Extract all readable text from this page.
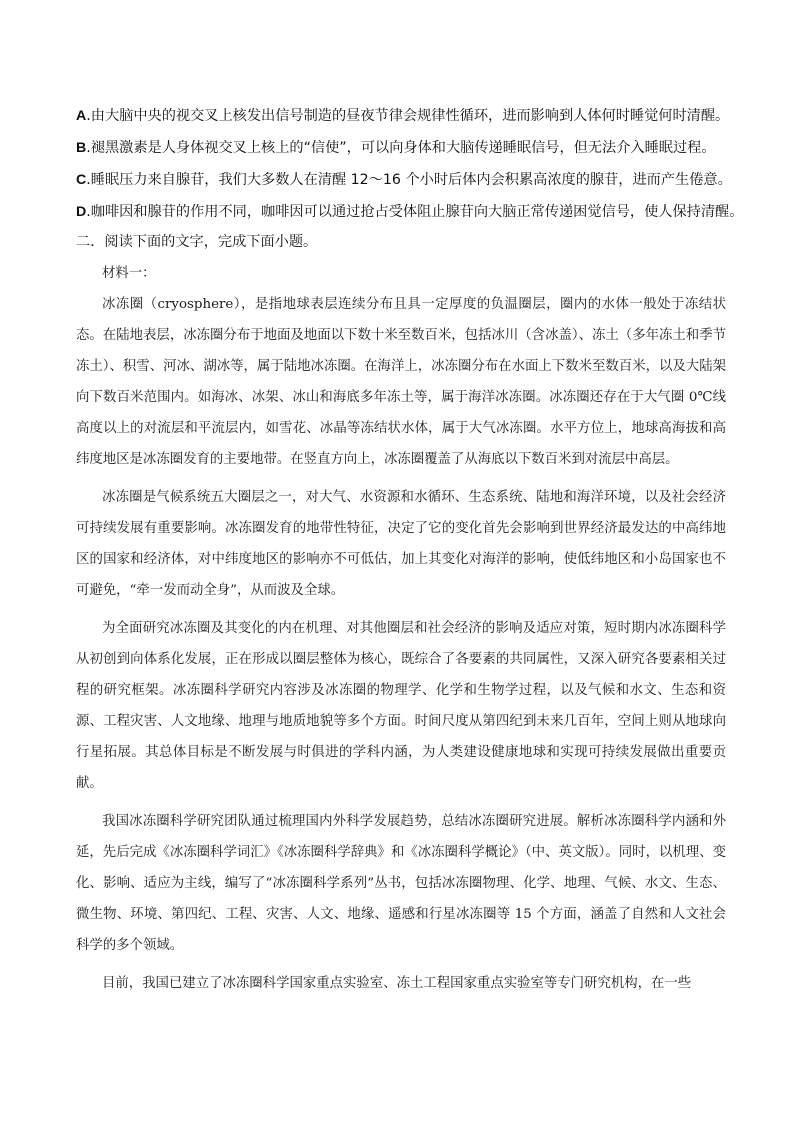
A.由大脑中央的视交叉上核发出信号制造的昼夜节律会规律性循环，进而影响到人体何时睡觉何时清醒。
B.褪黑激素是人身体视交叉上核上的“信使”，可以向身体和大脑传递睡眠信号，但无法介入睡眠过程。
C.睡眠压力来自腺苷，我们大多数人在清醒 12～16 个小时后体内会积累高浓度的腺苷，进而产生倦意。
D.咖啡因和腺苷的作用不同，咖啡因可以通过抢占受体阻止腺苷向大脑正常传递困觉信号，使人保持清醒。
二．阅读下面的文字，完成下面小题。
材料一：

冰冻圈（cryosphere），是指地球表层连续分布且具一定厚度的负温圈层，圈内的水体一般处于冻结状态。在陆地表层，冰冻圈分布于地面及地面以下数十米至数百米，包括冰川（含冰盖）、冻土（多年冻土和季节冻土）、积雪、河冰、湖冰等，属于陆地冰冻圈。在海洋上，冰冻圈分布在水面上下数米至数百米，以及大陆架向下数百米范围内。如海冰、冰架、冰山和海底多年冻土等，属于海洋冰冻圈。冰冻圈还存在于大气圈 0℃线高度以上的对流层和平流层内，如雪花、冰晶等冻结状水体，属于大气冰冻圈。水平方位上，地球高海拔和高纬度地区是冰冻圈发育的主要地带。在竖直方向上，冰冻圈覆盖了从海底以下数百米到对流层中高层。

冰冻圈是气候系统五大圈层之一，对大气、水资源和水循环、生态系统、陆地和海洋环境，以及社会经济可持续发展有重要影响。冰冻圈发育的地带性特征，决定了它的变化首先会影响到世界经济最发达的中高纬地区的国家和经济体，对中纬度地区的影响亦不可低估，加上其变化对海洋的影响，使低纬地区和小岛国家也不可避免，“牵一发而动全身”，从而波及全球。

为全面研究冰冻圈及其变化的内在机理、对其他圈层和社会经济的影响及适应对策，短时期内冰冻圈科学从初创到向体系化发展，正在形成以圈层整体为核心，既综合了各要素的共同属性，又深入研究各要素相关过程的研究框架。冰冻圈科学研究内容涉及冰冻圈的物理学、化学和生物学过程，以及气候和水文、生态和资源、工程灾害、人文地缘、地理与地质地貌等多个方面。时间尺度从第四纪到未来几百年，空间上则从地球向行星拓展。其总体目标是不断发展与时俱进的学科内涵，为人类建设健康地球和实现可持续发展做出重要贡献。

我国冰冻圈科学研究团队通过梳理国内外科学发展趋势，总结冰冻圈研究进展。解析冰冻圈科学内涵和外延，先后完成《冰冻圈科学词汇》《冰冻圈科学辞典》和《冰冻圈科学概论》（中、英文版）。同时，以机理、变化、影响、适应为主线，编写了“冰冻圈科学系列”丛书，包括冰冻圈物理、化学、地理、气候、水文、生态、微生物、环境、第四纪、工程、灾害、人文、地缘、遥感和行星冰冻圈等 15 个方面，涵盖了自然和人文社会科学的多个领域。

目前，我国已建立了冰冻圈科学国家重点实验室、冻土工程国家重点实验室等专门研究机构，在一些
